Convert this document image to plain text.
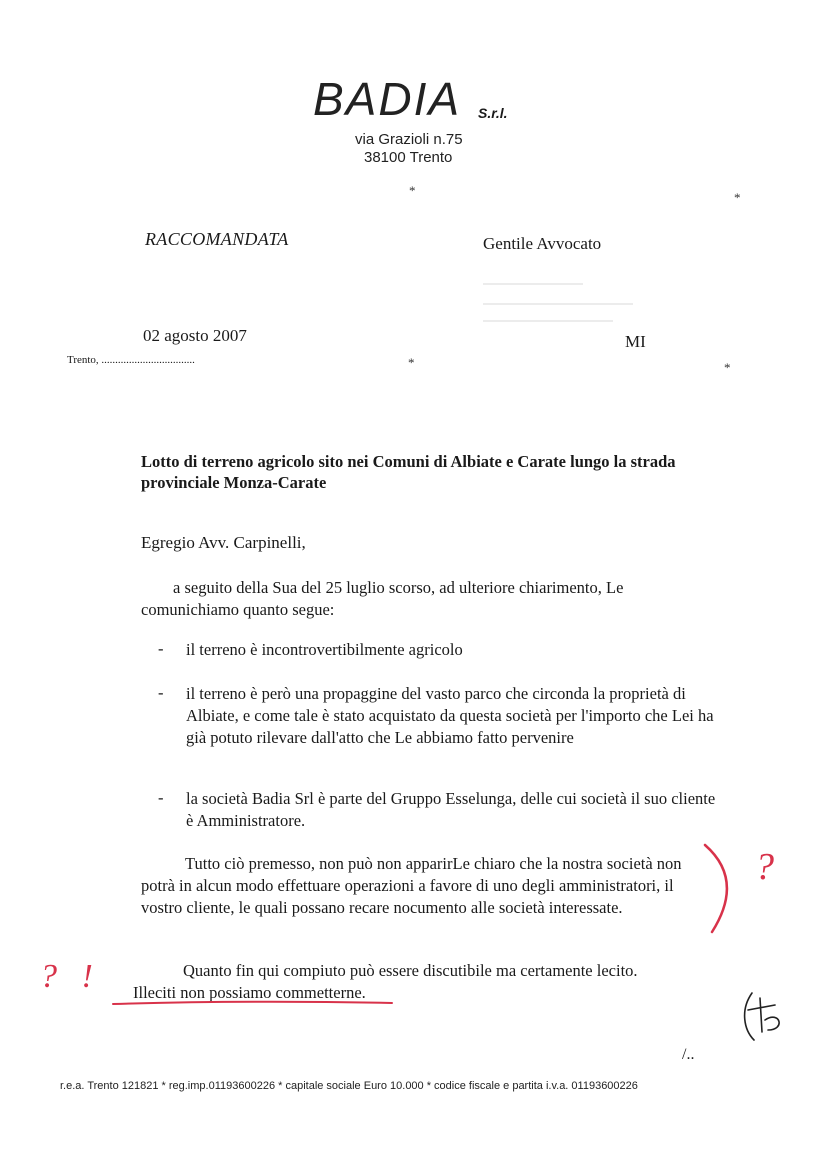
BADIA S.r.l.
via Grazioli n.75
38100 Trento
*	*
*	*
RACCOMANDATA	Gentile Avvocato
02 agosto 2007	MI
Trento, ..................................
Lotto di terreno agricolo sito nei Comuni di Albiate e Carate lungo la strada provinciale Monza-Carate
Egregio Avv. Carpinelli,
a seguito della Sua del 25 luglio scorso, ad ulteriore chiarimento, Le comunichiamo quanto segue:
- il terreno è incontrovertibilmente agricolo
- il terreno è però una propaggine del vasto parco che circonda la proprietà di Albiate, e come tale è stato acquistato da questa società per l'importo che Lei ha già potuto rilevare dall'atto che Le abbiamo fatto pervenire
- la società Badia Srl è parte del Gruppo Esselunga, delle cui società il suo cliente è Amministratore.
Tutto ciò premesso, non può non apparirLe chiaro che la nostra società non potrà in alcun modo effettuare operazioni a favore di uno degli amministratori, il vostro cliente, le quali possano recare nocumento alle società interessate.
Quanto fin qui compiuto può essere discutibile ma certamente lecito.
Illeciti non possiamo commetterne.
?
? !
/..
r.e.a. Trento 121821 * reg.imp.01193600226 * capitale sociale Euro 10.000 * codice fiscale e partita i.v.a. 01193600226
